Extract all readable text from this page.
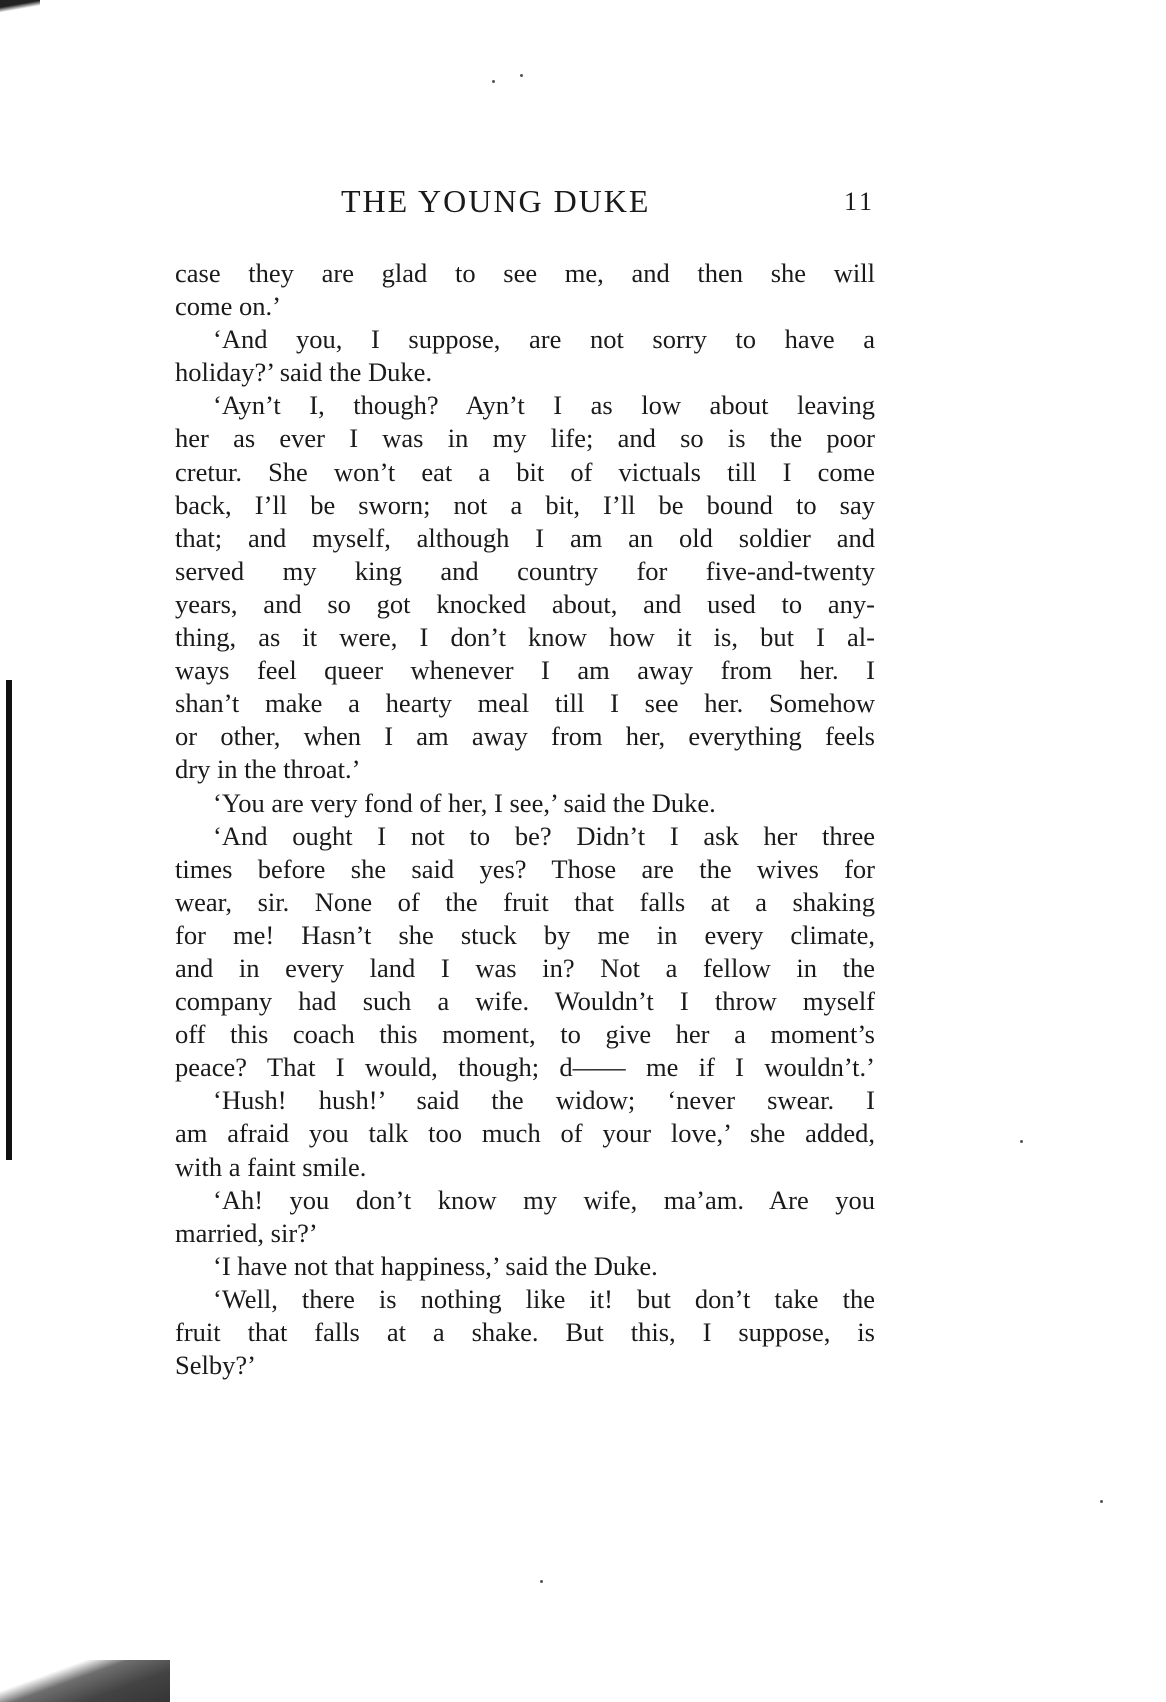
THE YOUNG DUKE	11
case they are glad to see me, and then she will
come on.’
‘And you, I suppose, are not sorry to have a
holiday?’ said the Duke.
‘Ayn’t I, though? Ayn’t I as low about leaving
her as ever I was in my life; and so is the poor
cretur. She won’t eat a bit of victuals till I come
back, I’ll be sworn; not a bit, I’ll be bound to say
that; and myself, although I am an old soldier and
served my king and country for five-and-twenty
years, and so got knocked about, and used to any-
thing, as it were, I don’t know how it is, but I al-
ways feel queer whenever I am away from her. I
shan’t make a hearty meal till I see her. Somehow
or other, when I am away from her, everything feels
dry in the throat.’
‘You are very fond of her, I see,’ said the Duke.
‘And ought I not to be? Didn’t I ask her three
times before she said yes? Those are the wives for
wear, sir. None of the fruit that falls at a shaking
for me! Hasn’t she stuck by me in every climate,
and in every land I was in? Not a fellow in the
company had such a wife. Wouldn’t I throw myself
off this coach this moment, to give her a moment’s
peace? That I would, though; d—— me if I wouldn’t.’
‘Hush! hush!’ said the widow; ‘never swear. I
am afraid you talk too much of your love,’ she added,
with a faint smile.
‘Ah! you don’t know my wife, ma’am. Are you
married, sir?’
‘I have not that happiness,’ said the Duke.
‘Well, there is nothing like it! but don’t take the
fruit that falls at a shake. But this, I suppose, is
Selby?’
